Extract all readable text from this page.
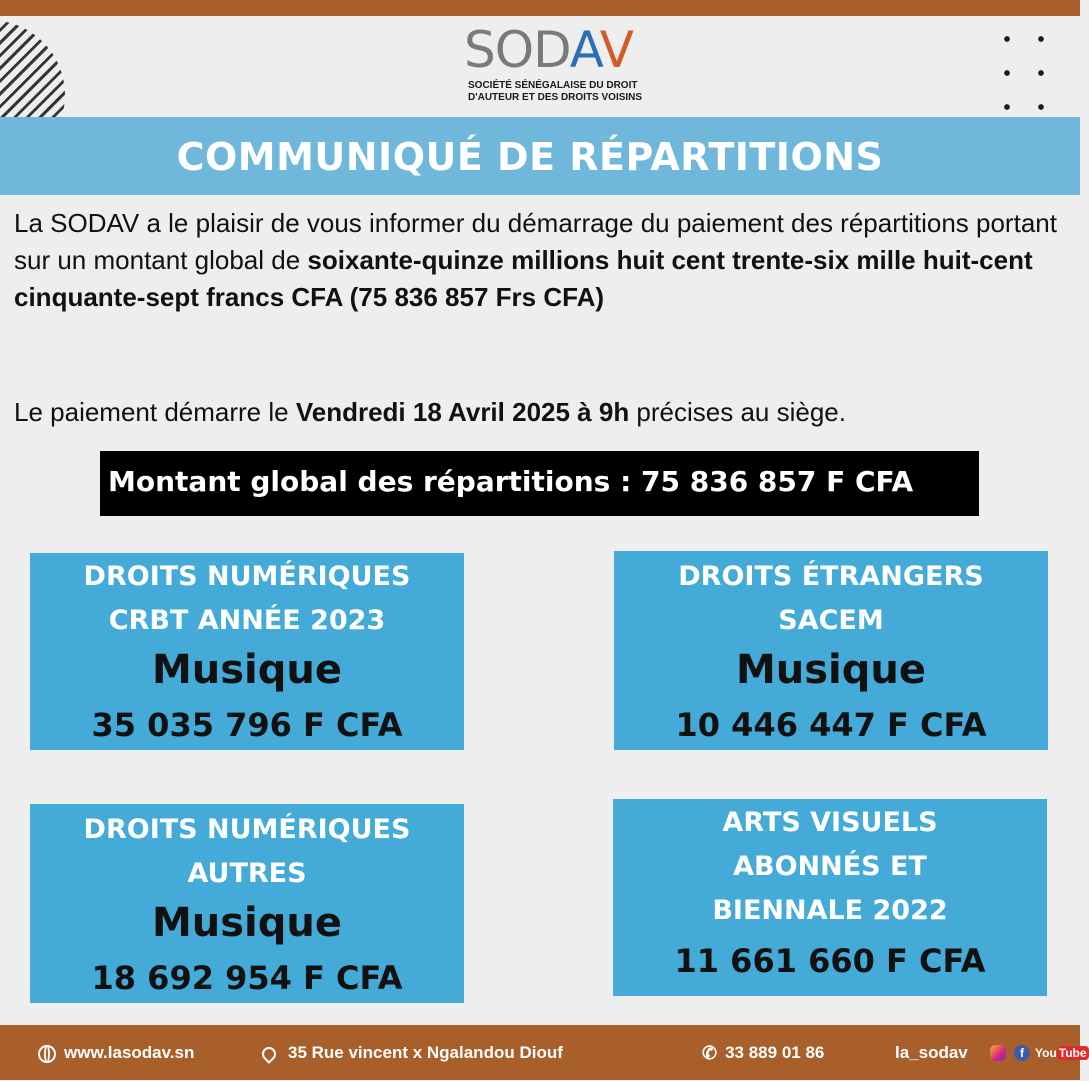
SODAV
SOCIÉTÉ SÉNÉGALAISE DU DROIT
D'AUTEUR ET DES DROITS VOISINS
COMMUNIQUÉ DE RÉPARTITIONS
La SODAV a le plaisir de vous informer du démarrage du paiement des répartitions portant sur un montant global de soixante-quinze millions huit cent trente-six mille huit-cent cinquante-sept francs CFA (75 836 857 Frs CFA)
Le paiement démarre le Vendredi 18 Avril 2025 à 9h précises au siège.
Montant global des répartitions : 75 836 857 F CFA
DROITS NUMÉRIQUES
CRBT ANNÉE 2023
Musique
35 035 796 F CFA
DROITS ÉTRANGERS
SACEM
Musique
10 446 447 F CFA
DROITS NUMÉRIQUES
AUTRES
Musique
18 692 954 F CFA
ARTS VISUELS
ABONNÉS ET
BIENNALE 2022
11 661 660 F CFA
www.lasodav.sn	35 Rue vincent x Ngalandou Diouf	✆ 33 889 01 86	la_sodav	f You Tube
